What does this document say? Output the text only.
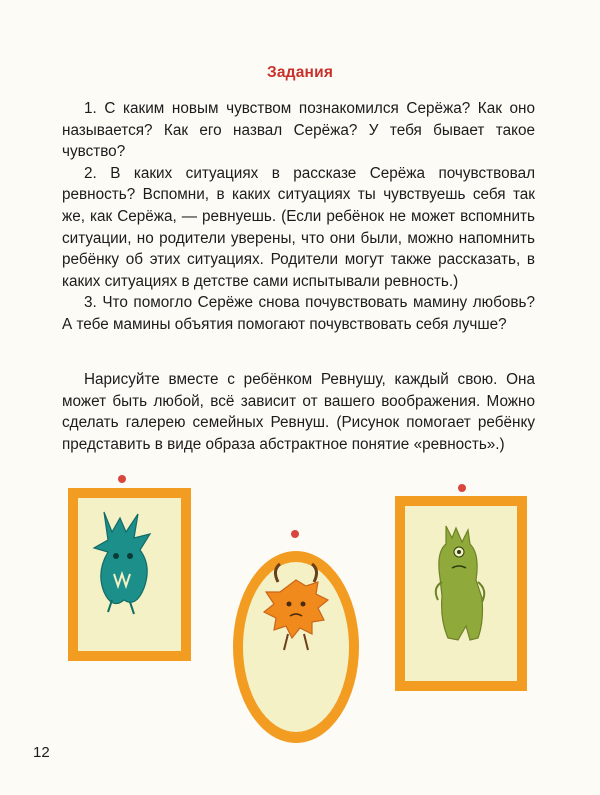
Задания

1. С каким новым чувством познакомился Серёжа? Как оно называется? Как его назвал Серёжа? У тебя бывает такое чувство?

2. В каких ситуациях в рассказе Серёжа почувствовал ревность? Вспомни, в каких ситуациях ты чувствуешь себя так же, как Серёжа, — ревнуешь. (Если ребёнок не может вспомнить ситуации, но родители уверены, что они были, можно напомнить ребёнку об этих ситуациях. Родители могут также рассказать, в каких ситуациях в детстве сами испытывали ревность.)

3. Что помогло Серёже снова почувствовать мамину любовь? А тебе мамины объятия помогают почувствовать себя лучше?

Нарисуйте вместе с ребёнком Ревнушу, каждый свою. Она может быть любой, всё зависит от вашего воображения. Можно сделать галерею семейных Ревнуш. (Рисунок помогает ребёнку представить в виде образа абстрактное понятие «ревность».)

12
